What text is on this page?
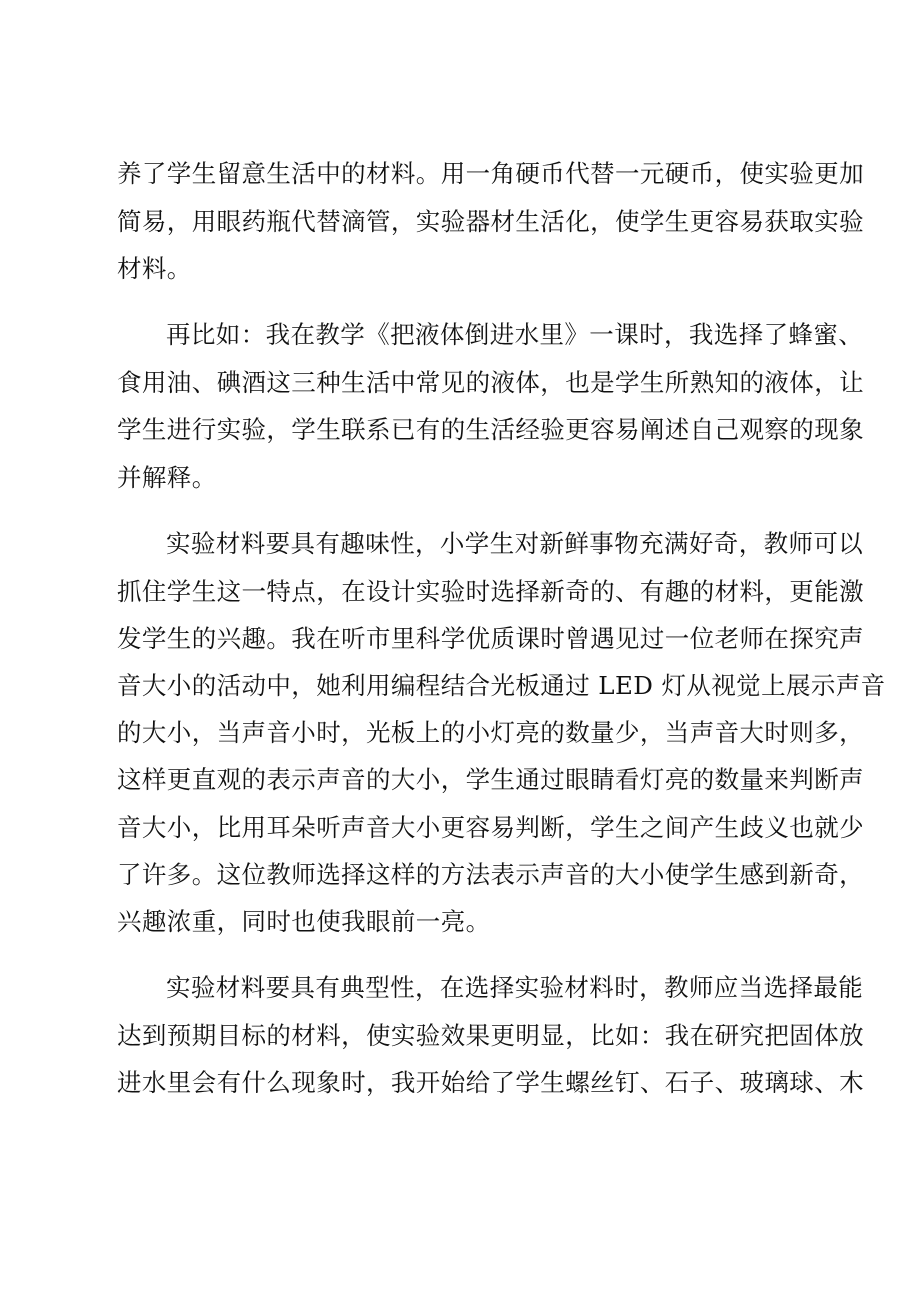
养了学生留意生活中的材料。用一角硬币代替一元硬币，使实验更加
简易，用眼药瓶代替滴管，实验器材生活化，使学生更容易获取实验
材料。
再比如：我在教学《把液体倒进水里》一课时，我选择了蜂蜜、
食用油、碘酒这三种生活中常见的液体，也是学生所熟知的液体，让
学生进行实验，学生联系已有的生活经验更容易阐述自己观察的现象
并解释。
实验材料要具有趣味性，小学生对新鲜事物充满好奇，教师可以
抓住学生这一特点，在设计实验时选择新奇的、有趣的材料，更能激
发学生的兴趣。我在听市里科学优质课时曾遇见过一位老师在探究声
音大小的活动中，她利用编程结合光板通过 LED 灯从视觉上展示声音
的大小，当声音小时，光板上的小灯亮的数量少，当声音大时则多，
这样更直观的表示声音的大小，学生通过眼睛看灯亮的数量来判断声
音大小，比用耳朵听声音大小更容易判断，学生之间产生歧义也就少
了许多。这位教师选择这样的方法表示声音的大小使学生感到新奇，
兴趣浓重，同时也使我眼前一亮。
实验材料要具有典型性，在选择实验材料时，教师应当选择最能
达到预期目标的材料，使实验效果更明显，比如：我在研究把固体放
进水里会有什么现象时，我开始给了学生螺丝钉、石子、玻璃球、木
